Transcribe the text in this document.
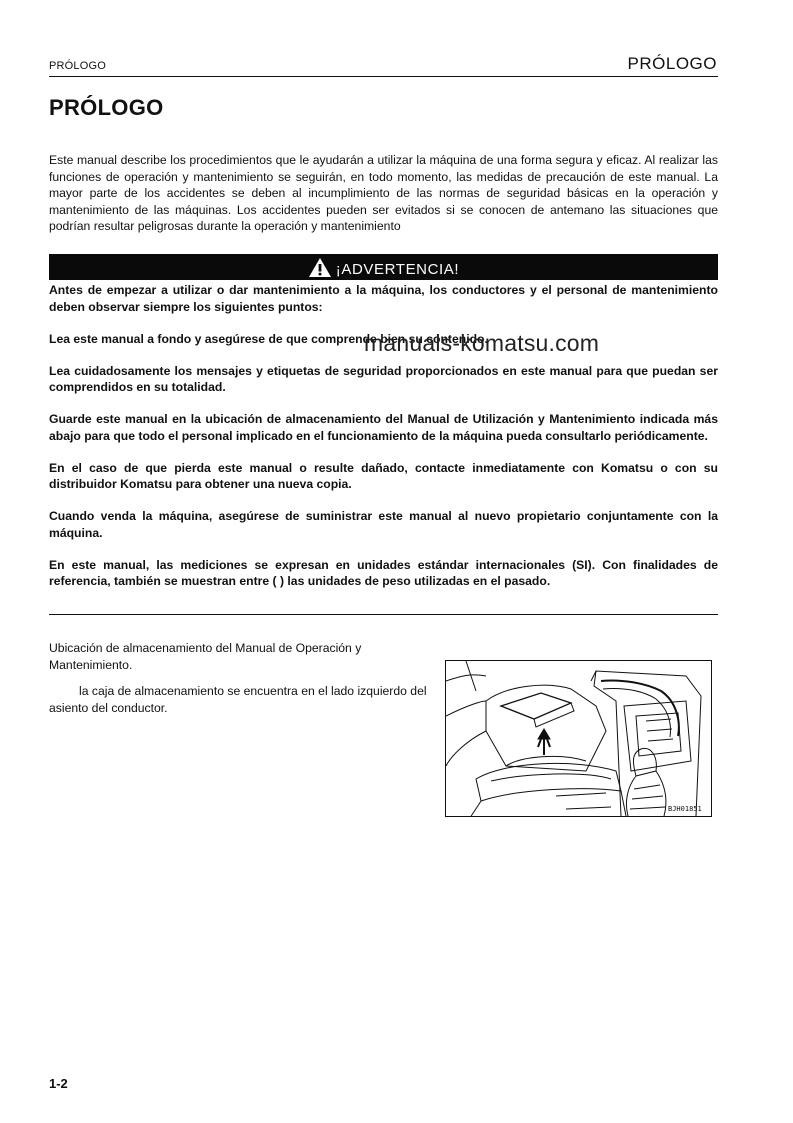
PRÓLOGO	PRÓLOGO
PRÓLOGO
Este manual describe los procedimientos que le ayudarán a utilizar la máquina de una forma segura y eficaz. Al realizar las funciones de operación y mantenimiento se seguirán, en todo momento, las medidas de precaución de este manual. La mayor parte de los accidentes se deben al incumplimiento de las normas de seguridad básicas en la operación y mantenimiento de las máquinas. Los accidentes pueden ser evitados si se conocen de antemano las situaciones que podrían resultar peligrosas durante la operación y mantenimiento
¡ADVERTENCIA!

Antes de empezar a utilizar o dar mantenimiento a la máquina, los conductores y el personal de mantenimiento deben observar siempre los siguientes puntos:

Lea este manual a fondo y asegúrese de que comprende bien su contenido.

Lea cuidadosamente los mensajes y etiquetas de seguridad proporcionados en este manual para que puedan ser comprendidos en su totalidad.

Guarde este manual en la ubicación de almacenamiento del Manual de Utilización y Mantenimiento indicada más abajo para que todo el personal implicado en el funcionamiento de la máquina pueda consultarlo periódicamente.

En el caso de que pierda este manual o resulte dañado, contacte inmediatamente con Komatsu o con su distribuidor Komatsu para obtener una nueva copia.

Cuando venda la máquina, asegúrese de suministrar este manual al nuevo propietario conjuntamente con la máquina.

En este manual, las mediciones se expresan en unidades estándar internacionales (SI). Con finalidades de referencia, también se muestran entre ( ) las unidades de peso utilizadas en el pasado.

Ubicación de almacenamiento del Manual de Operación y Mantenimiento.
la caja de almacenamiento se encuentra en el lado izquierdo del asiento del conductor.
BJH01851
manuals-komatsu.com
1-2
